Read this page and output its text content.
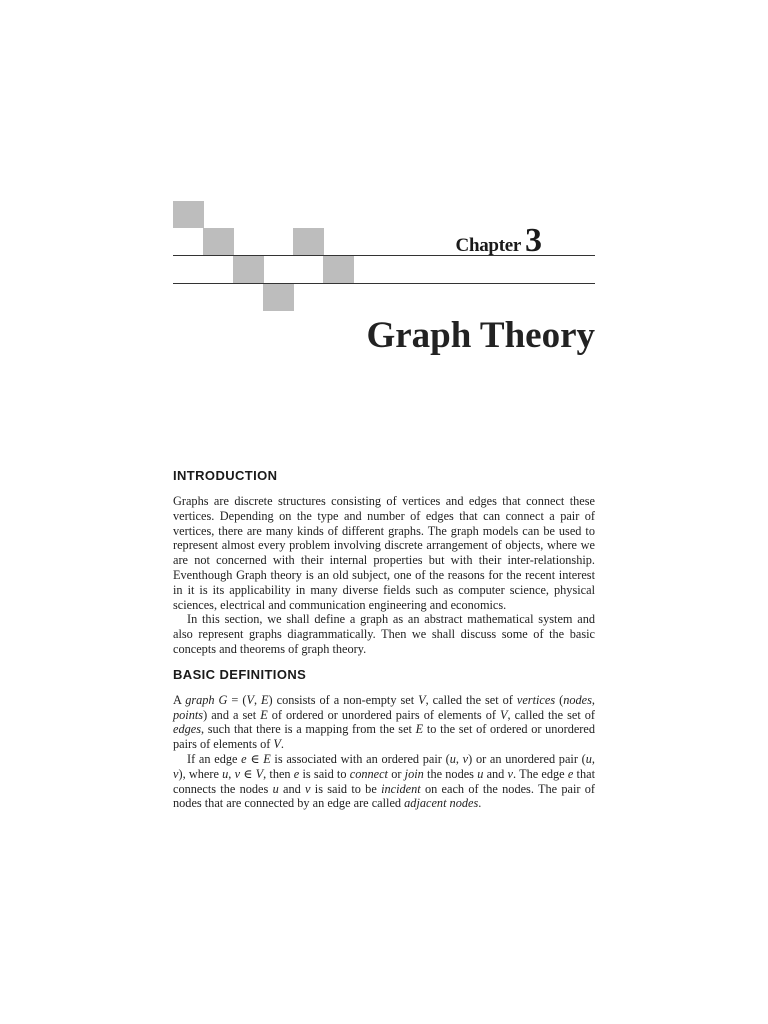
Chapter 3
Graph Theory
INTRODUCTION

Graphs are discrete structures consisting of vertices and edges that connect these vertices. Depending on the type and number of edges that can connect a pair of vertices, there are many kinds of different graphs. The graph models can be used to represent almost every problem involving discrete arrangement of objects, where we are not concerned with their internal properties but with their inter-relationship. Eventhough Graph theory is an old subject, one of the reasons for the recent interest in it is its applicability in many diverse fields such as computer science, physical sciences, electrical and communication engineering and economics.

In this section, we shall define a graph as an abstract mathematical system and also represent graphs diagrammatically. Then we shall discuss some of the basic concepts and theorems of graph theory.

BASIC DEFINITIONS

A graph G = (V, E) consists of a non-empty set V, called the set of vertices (nodes, points) and a set E of ordered or unordered pairs of elements of V, called the set of edges, such that there is a mapping from the set E to the set of ordered or unordered pairs of elements of V.

If an edge e ∈ E is associated with an ordered pair (u, v) or an unordered pair (u, v), where u, v ∈ V, then e is said to connect or join the nodes u and v. The edge e that connects the nodes u and v is said to be incident on each of the nodes. The pair of nodes that are connected by an edge are called adjacent nodes.
